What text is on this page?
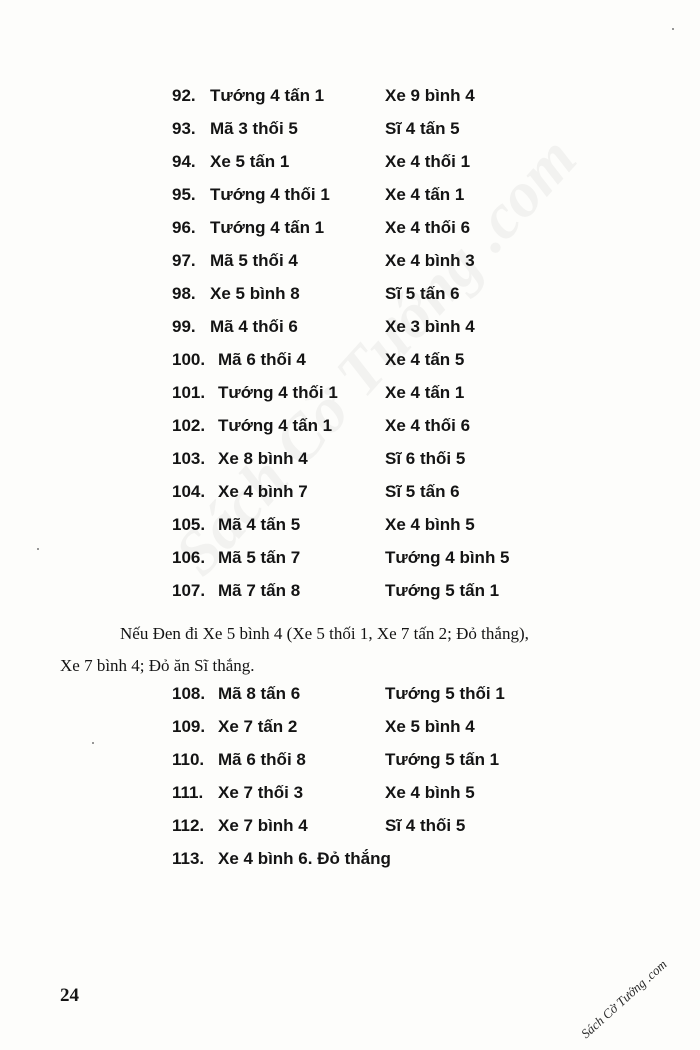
92. Tướng 4 tấn 1	Xe 9 bình 4
93. Mã 3 thối 5	Sĩ 4 tấn 5
94. Xe 5 tấn 1	Xe 4 thối 1
95. Tướng 4 thối 1	Xe 4 tấn 1
96. Tướng 4 tấn 1	Xe 4 thối 6
97. Mã 5 thối 4	Xe 4 bình 3
98. Xe 5 bình 8	Sĩ 5 tấn 6
99. Mã 4 thối 6	Xe 3 bình 4
100. Mã 6 thối 4	Xe 4 tấn 5
101. Tướng 4 thối 1	Xe 4 tấn 1
102. Tướng 4 tấn 1	Xe 4 thối 6
103. Xe 8 bình 4	Sĩ 6 thối 5
104. Xe 4 bình 7	Sĩ 5 tấn 6
105. Mã 4 tấn 5	Xe 4 bình 5
106. Mã 5 tấn 7	Tướng 4 bình 5
107. Mã 7 tấn 8	Tướng 5 tấn 1
Nếu Đen đi Xe 5 bình 4 (Xe 5 thối 1, Xe 7 tấn 2; Đỏ thắng),
Xe 7 bình 4; Đỏ ăn Sĩ thắng.
108. Mã 8 tấn 6	Tướng 5 thối 1
109. Xe 7 tấn 2	Xe 5 bình 4
110. Mã 6 thối 8	Tướng 5 tấn 1
111. Xe 7 thối 3	Xe 4 bình 5
112. Xe 7 bình 4	Sĩ 4 thối 5
113. Xe 4 bình 6. Đỏ thắng
24	Sách Cờ Tướng .com
